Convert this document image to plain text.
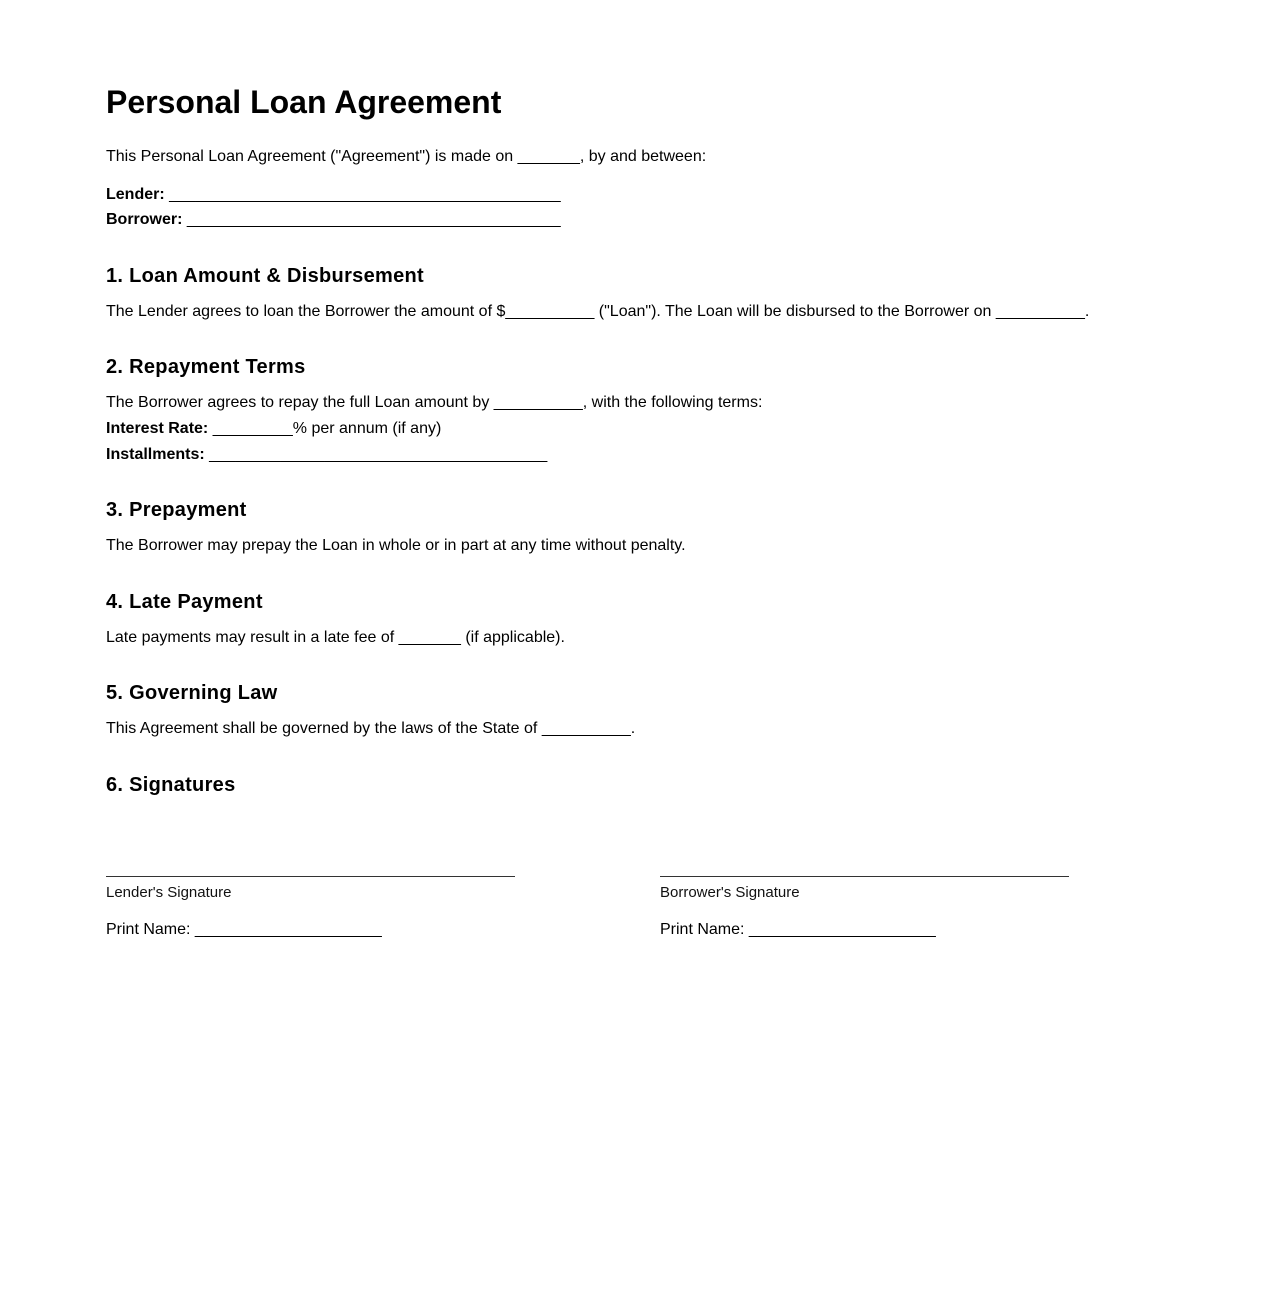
Personal Loan Agreement
This Personal Loan Agreement ("Agreement") is made on _______, by and between:
Lender: ____________________________________________
Borrower: __________________________________________
1. Loan Amount & Disbursement
The Lender agrees to loan the Borrower the amount of $__________ ("Loan"). The Loan will be disbursed to the Borrower on __________.
2. Repayment Terms
The Borrower agrees to repay the full Loan amount by __________, with the following terms:
Interest Rate: _________% per annum (if any)
Installments: ______________________________________
3. Prepayment
The Borrower may prepay the Loan in whole or in part at any time without penalty.
4. Late Payment
Late payments may result in a late fee of _______ (if applicable).
5. Governing Law
This Agreement shall be governed by the laws of the State of __________.
6. Signatures
Lender's Signature
Print Name: _____________________
Borrower's Signature
Print Name: _____________________
